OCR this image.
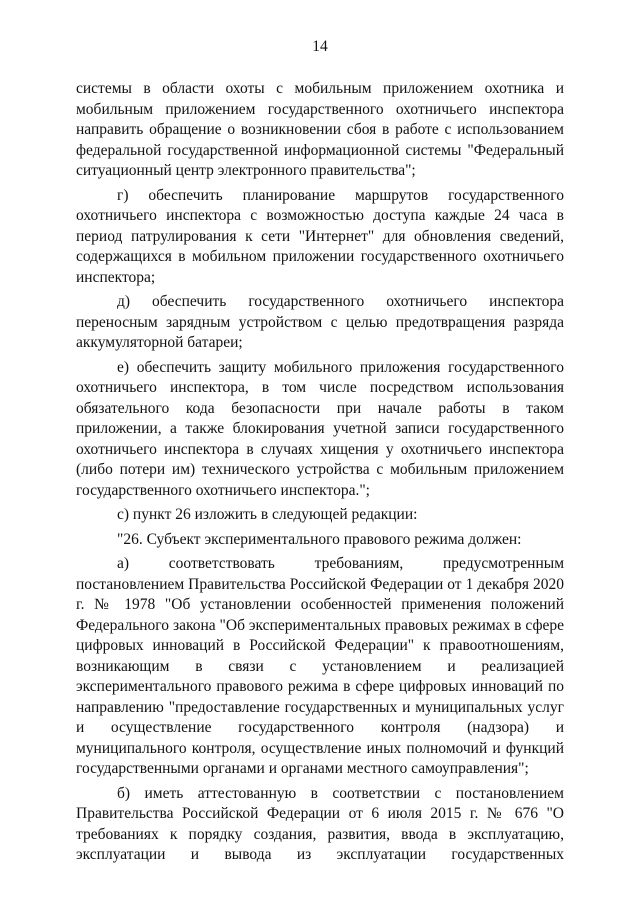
14

системы в области охоты с мобильным приложением охотника и мобильным приложением государственного охотничьего инспектора направить обращение о возникновении сбоя в работе с использованием федеральной государственной информационной системы "Федеральный ситуационный центр электронного правительства";

г) обеспечить планирование маршрутов государственного охотничьего инспектора с возможностью доступа каждые 24 часа в период патрулирования к сети "Интернет" для обновления сведений, содержащихся в мобильном приложении государственного охотничьего инспектора;

д) обеспечить государственного охотничьего инспектора переносным зарядным устройством с целью предотвращения разряда аккумуляторной батареи;

е) обеспечить защиту мобильного приложения государственного охотничьего инспектора, в том числе посредством использования обязательного кода безопасности при начале работы в таком приложении, а также блокирования учетной записи государственного охотничьего инспектора в случаях хищения у охотничьего инспектора (либо потери им) технического устройства с мобильным приложением государственного охотничьего инспектора.";

с) пункт 26 изложить в следующей редакции:

"26. Субъект экспериментального правового режима должен:

а) соответствовать требованиям, предусмотренным постановлением Правительства Российской Федерации от 1 декабря 2020 г. № 1978 "Об установлении особенностей применения положений Федерального закона "Об экспериментальных правовых режимах в сфере цифровых инноваций в Российской Федерации" к правоотношениям, возникающим в связи с установлением и реализацией экспериментального правового режима в сфере цифровых инноваций по направлению "предоставление государственных и муниципальных услуг и осуществление государственного контроля (надзора) и муниципального контроля, осуществление иных полномочий и функций государственными органами и органами местного самоуправления";

б) иметь аттестованную в соответствии с постановлением Правительства Российской Федерации от 6 июля 2015 г. № 676 "О требованиях к порядку создания, развития, ввода в эксплуатацию, эксплуатации и вывода из эксплуатации государственных
